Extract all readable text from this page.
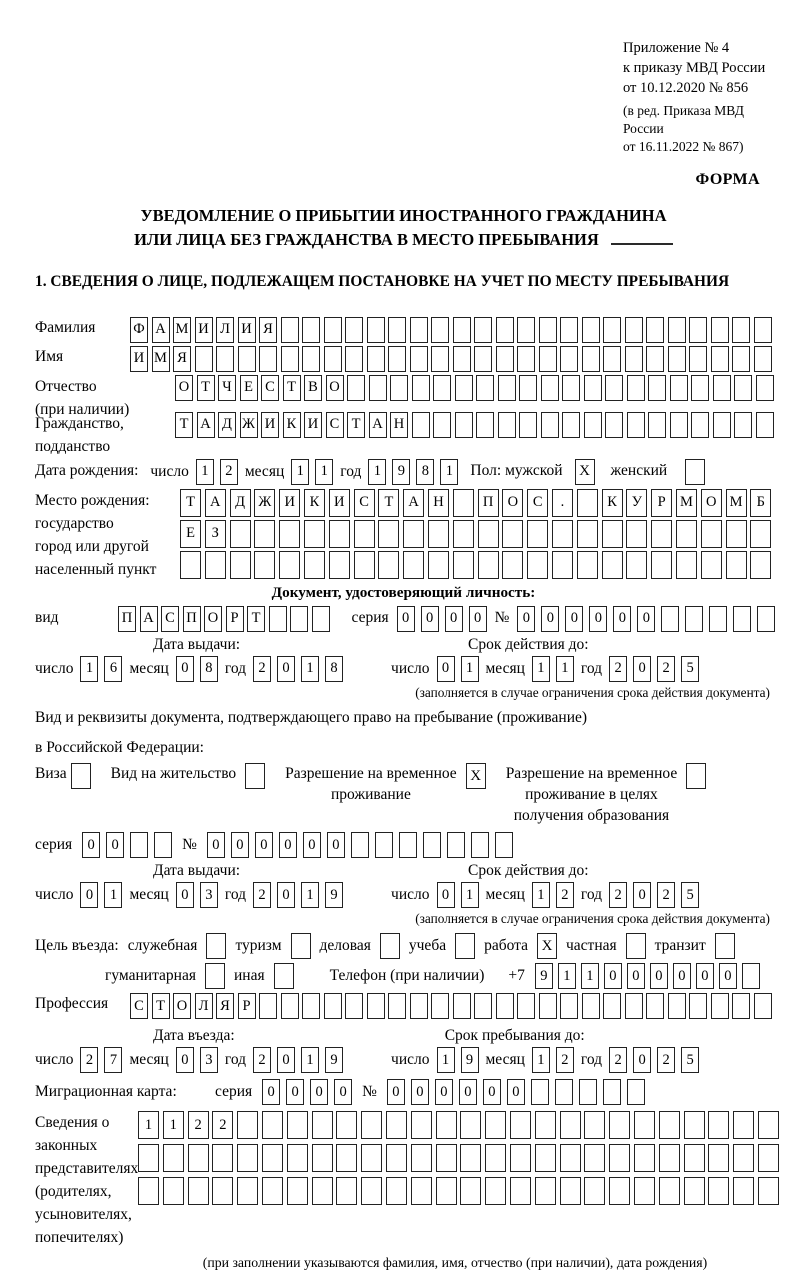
Приложение № 4
к приказу МВД России
от 10.12.2020 № 856
(в ред. Приказа МВД России
от 16.11.2022 № 867)
ФОРМА
УВЕДОМЛЕНИЕ О ПРИБЫТИИ ИНОСТРАННОГО ГРАЖДАНИНА
ИЛИ ЛИЦА БЕЗ ГРАЖДАНСТВА В МЕСТО ПРЕБЫВАНИЯ
1. СВЕДЕНИЯ О ЛИЦЕ, ПОДЛЕЖАЩЕМ ПОСТАНОВКЕ НА УЧЕТ ПО МЕСТУ ПРЕБЫВАНИЯ
Фамилия	Ф А М И Л И Я
Имя	И М Я
Отчество
(при наличии)
О Т Ч Е С Т В О
Гражданство,
подданство
Т А Д Ж И К И С Т А Н
Дата рождения: число 1	2 месяц 1	1 год 1	9	8	1	Пол: мужской	X женский
Место рождения:
государство
город или другой
населенный пункт
Т	А	Д Ж И	К	И	С	Т	А Н	П О	С	.	К	У	Р М О М Б
Е	З
Документ, удостоверяющий личность:
вид	П А С П О Р Т	серия 0	0	0	0 № 0	0	0	0	0	0
Дата выдачи:	Срок действия до:
число 1	6 месяц 0	8 год 2	0	1	8	число 0	1 месяц 1	1 год 2	0	2	5
(заполняется в случае ограничения срока действия документа)
Вид и реквизиты документа, подтверждающего право на пребывание (проживание)
в Российской Федерации:
Виза	Вид на жительство	Разрешение на временное
проживание
X Разрешение на временное
проживание в целях
получения образования
серия	0	0	№	0	0	0	0	0	0
Дата выдачи:	Срок действия до:
число 0	1 месяц 0	3 год 2	0	1	9	число 0	1 месяц 1	2 год 2	0	2	5
(заполняется в случае ограничения срока действия документа)
Цель въезда: служебная туризм деловая учеба работа X частная транзит
гуманитарная иная	Телефон (при наличии) +7	9	1	1	0	0	0	0	0	0
Профессия	С Т О Л Я Р
Дата въезда:	Срок пребывания до:
число 2	7 месяц 0	3 год 2	0	1	9	число 1	9 месяц 1	2 год 2	0	2	5
Миграционная карта:	серия	0	0	0	0 №	0	0	0	0	0	0
Сведения о
законных
представителях
(родителях,
усыновителях,
попечителях)
1	1	2	2
(при заполнении указываются фамилия, имя, отчество (при наличии), дата рождения)
